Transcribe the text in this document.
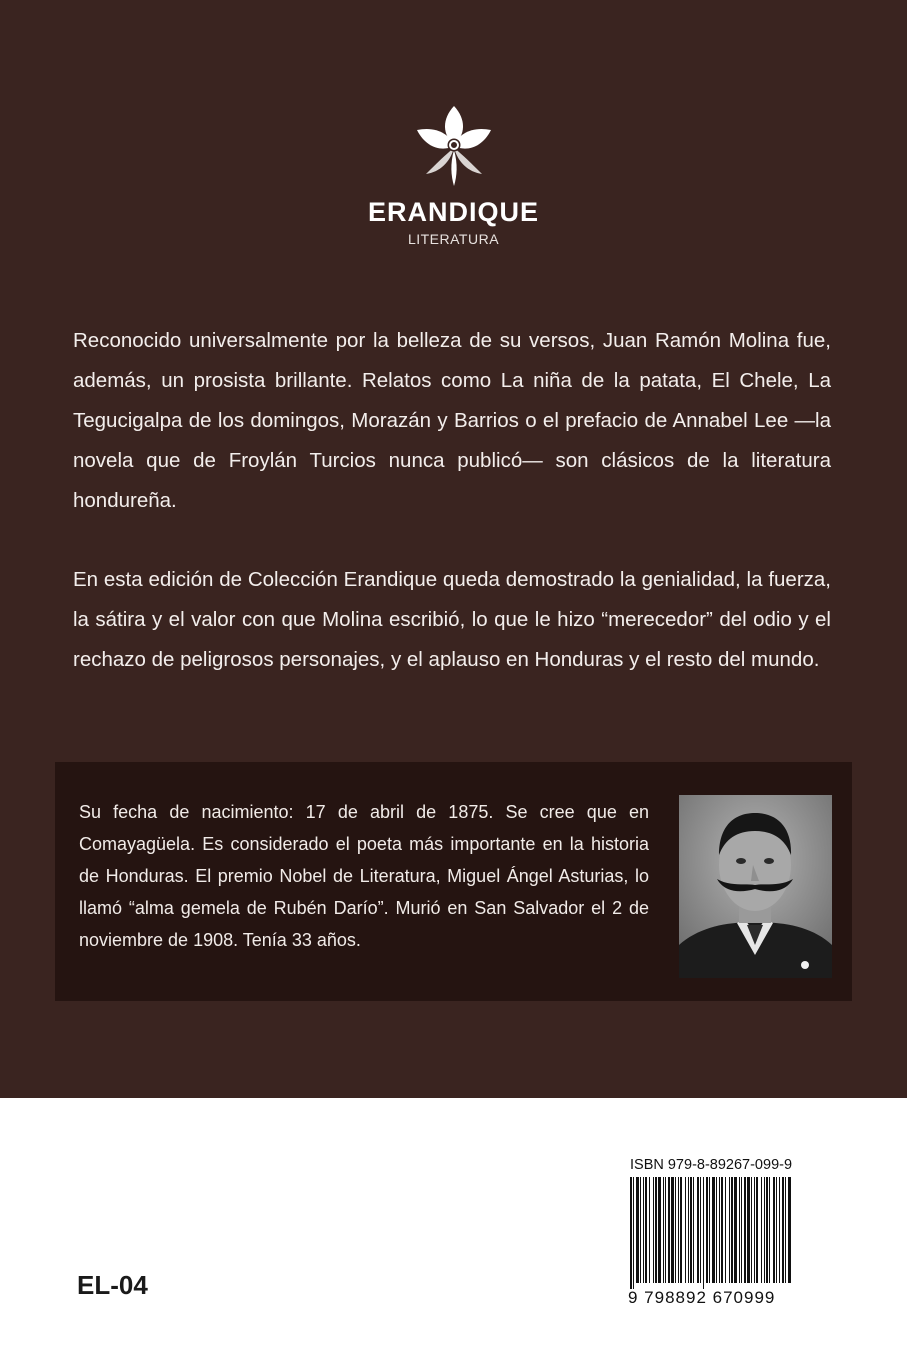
ERANDIQUE
LITERATURA

Reconocido universalmente por la belleza de su versos, Juan Ramón Molina fue, además, un prosista brillante. Relatos como La niña de la patata, El Chele, La Tegucigalpa de los domingos, Morazán y Barrios o el prefacio de Annabel Lee —la novela que de Froylán Turcios nunca publicó— son clásicos de la literatura hondureña.

En esta edición de Colección Erandique queda demostrado la genialidad, la fuerza, la sátira y el valor con que Molina escribió, lo que le hizo “merecedor” del odio y el rechazo de peligrosos personajes, y el aplauso en Honduras y el resto del mundo.

Su fecha de nacimiento: 17 de abril de 1875. Se cree que en Comayagüela. Es considerado el poeta más importante en la historia de Honduras. El premio Nobel de Literatura, Miguel Ángel Asturias, lo llamó “alma gemela de Rubén Darío”. Murió en San Salvador el 2 de noviembre de 1908. Tenía 33 años.

ISBN 979-8-89267-099-9
9 798892 670999
EL-04
